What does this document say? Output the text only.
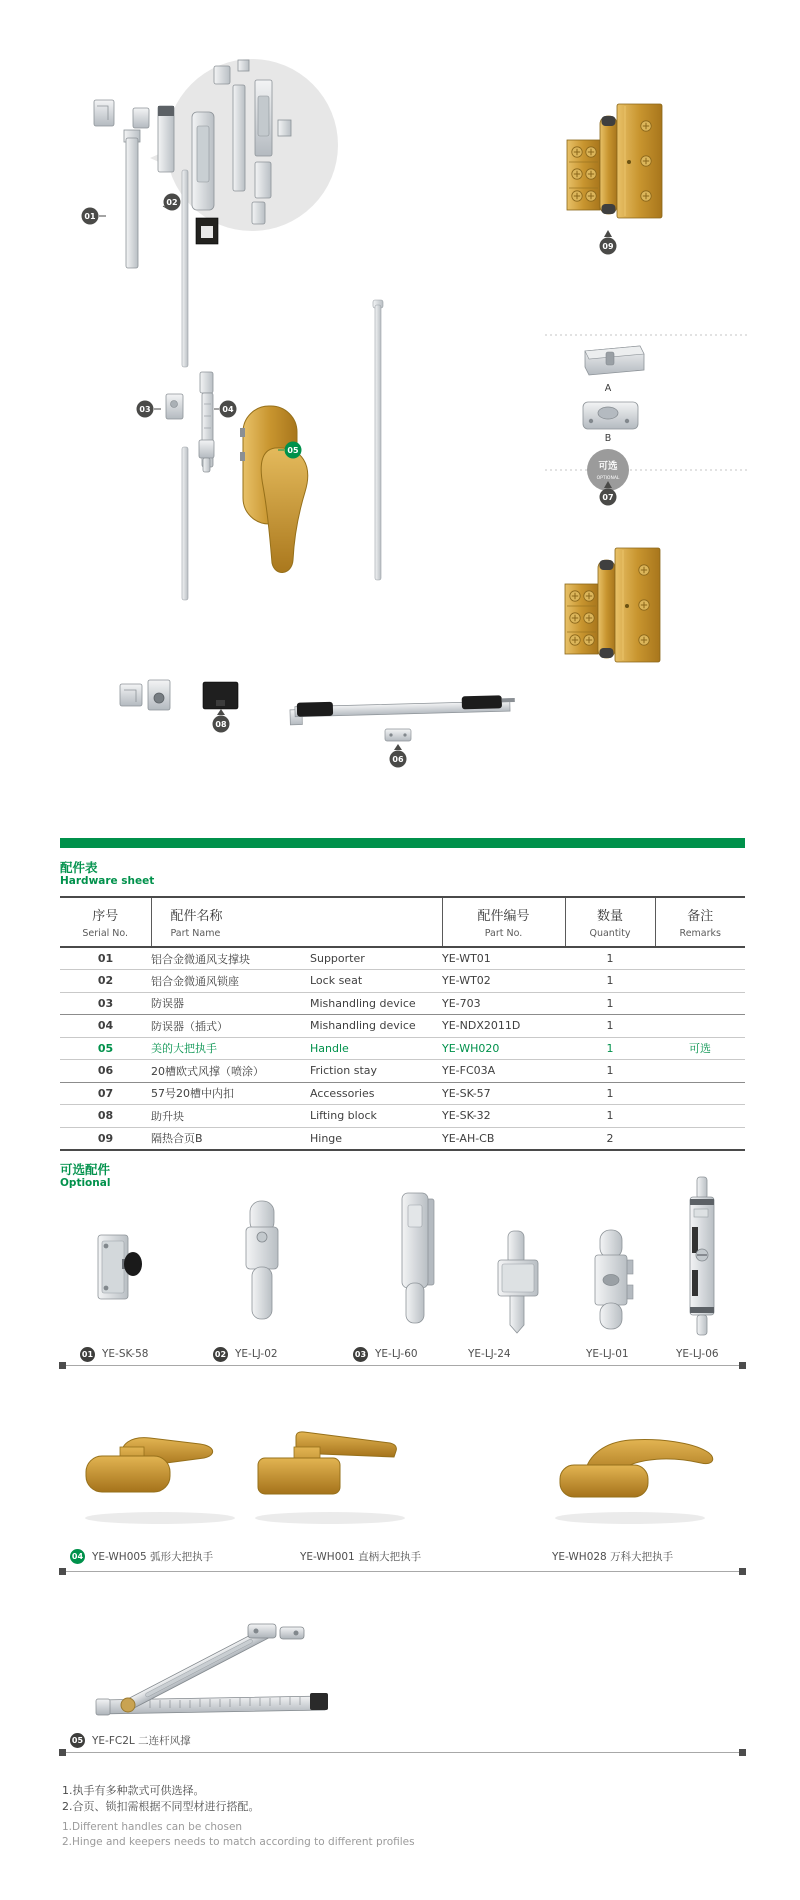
A
B
可选
OPTIONAL
01
02
03	04
05
06
07
08
09
配件表
Hardware sheet
序号
Serial No.

配件名称
Part Name

配件编号
Part No.

数量
Quantity

备注
Remarks

01	铝合金微通风支撑块	Supporter	YE-WT01	1	
02	铝合金微通风锁座	Lock seat	YE-WT02	1	
03	防误器	Mishandling device	YE-703	1	
04	防误器（插式）	Mishandling device	YE-NDX2011D	1	
05	美的大把执手	Handle	YE-WH020	1	可选
06	20槽欧式风撑（喷涂）	Friction stay	YE-FC03A	1	
07	57号20槽中内扣	Accessories	YE-SK-57	1	
08	助升块	Lifting block	YE-SK-32	1	
09	隔热合页B	Hinge	YE-AH-CB	2	
可选配件
Optional
01 YE-SK-58	02 YE-LJ-02	03 YE-LJ-60	YE-LJ-24	YE-LJ-01	YE-LJ-06
04 YE-WH005 弧形大把执手	YE-WH001 直柄大把执手	YE-WH028 万科大把执手
05 YE-FC2L 二连杆风撑
1.执手有多种款式可供选择。
2.合页、锁扣需根据不同型材进行搭配。
1.Different handles can be chosen
2.Hinge and keepers needs to match according to different profiles
